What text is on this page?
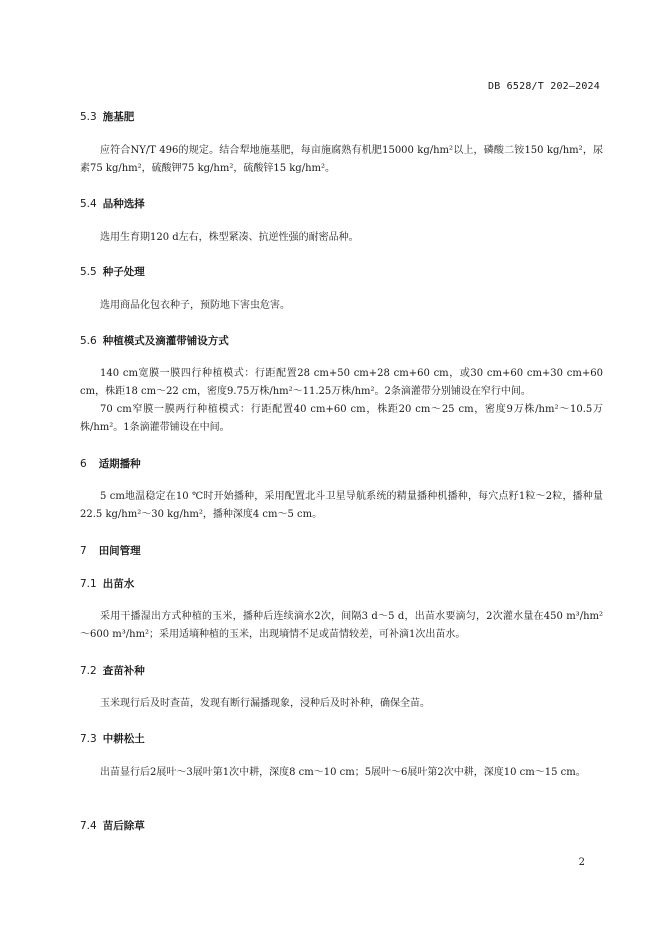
DB 6528/T 202—2024
5.3 施基肥
应符合NY/T 496的规定。结合犁地施基肥，每亩施腐熟有机肥15000 kg/hm²以上，磷酸二铵150 kg/hm²，尿素75 kg/hm²，硫酸钾75 kg/hm²，硫酸锌15 kg/hm²。
5.4 品种选择
选用生育期120 d左右，株型紧凑、抗逆性强的耐密品种。
5.5 种子处理
选用商品化包衣种子，预防地下害虫危害。
5.6 种植模式及滴灌带铺设方式
140 cm宽膜一膜四行种植模式：行距配置28 cm+50 cm+28 cm+60 cm，或30 cm+60 cm+30 cm+60 cm，株距18 cm～22 cm，密度9.75万株/hm²～11.25万株/hm²。2条滴灌带分别铺设在窄行中间。
70 cm窄膜一膜两行种植模式：行距配置40 cm+60 cm，株距20 cm～25 cm，密度9万株/hm²～10.5万株/hm²。1条滴灌带铺设在中间。
6 适期播种
5 cm地温稳定在10 ℃时开始播种，采用配置北斗卫星导航系统的精量播种机播种，每穴点籽1粒～2粒，播种量22.5 kg/hm²～30 kg/hm²，播种深度4 cm～5 cm。
7 田间管理
7.1 出苗水
采用干播湿出方式种植的玉米，播种后连续滴水2次，间隔3 d～5 d，出苗水要滴匀，2次灌水量在450 m³/hm²～600 m³/hm²；采用适墒种植的玉米，出现墒情不足或苗情较差，可补滴1次出苗水。
7.2 查苗补种
玉米现行后及时查苗，发现有断行漏播现象，浸种后及时补种，确保全苗。
7.3 中耕松土
出苗显行后2展叶～3展叶第1次中耕，深度8 cm～10 cm；5展叶～6展叶第2次中耕，深度10 cm～15 cm。
7.4 苗后除草
2
